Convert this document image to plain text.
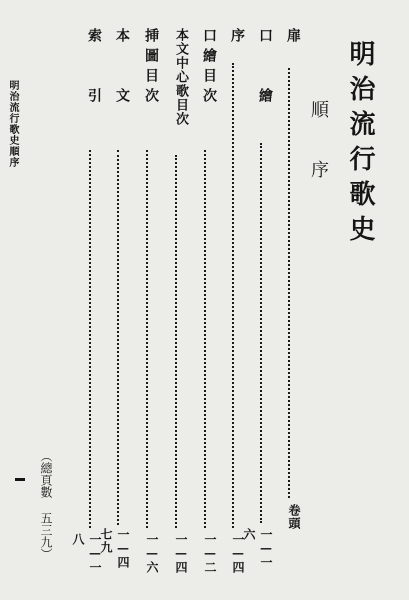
明治流行歌史
順序
扉
卷頭
口　　繪
一—一六
序
一—四
口繪目次
一—二
本文中心歌目次
一—四
挿圖目次
一—六
本　　文
一—四七九
索　　引
一—一八
（總頁數 五三九）
明治流行歌史順序
